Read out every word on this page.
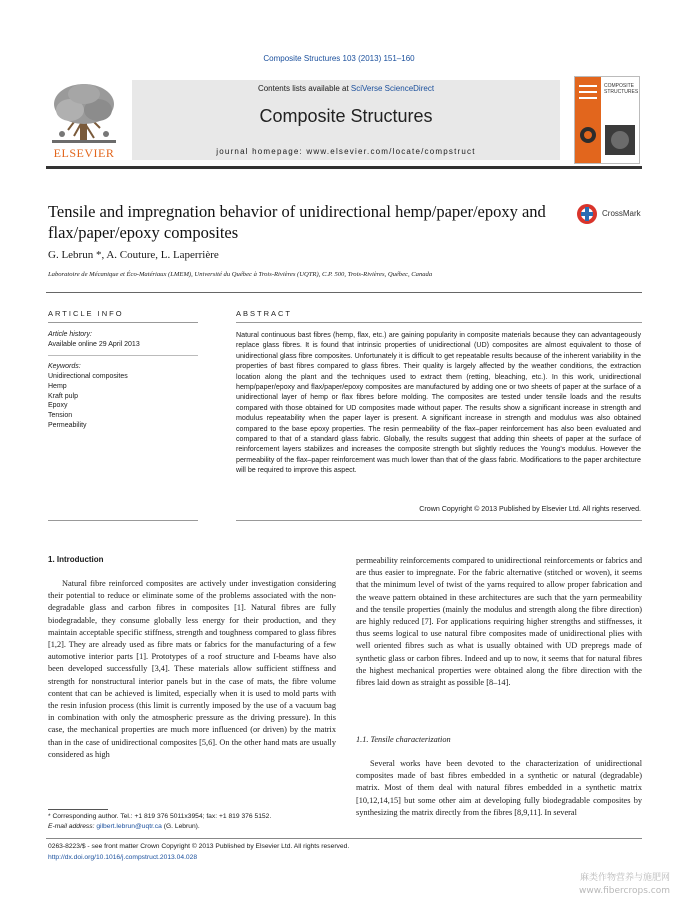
Composite Structures 103 (2013) 151–160
Contents lists available at SciVerse ScienceDirect
Composite Structures
journal homepage: www.elsevier.com/locate/compstruct
ELSEVIER
COMPOSITE STRUCTURES
Tensile and impregnation behavior of unidirectional hemp/paper/epoxy and flax/paper/epoxy composites
CrossMark
G. Lebrun *, A. Couture, L. Laperrière
Laboratoire de Mécanique et Éco-Matériaux (LMEM), Université du Québec à Trois-Rivières (UQTR), C.P. 500, Trois-Rivières, Québec, Canada
ARTICLE INFO
Article history:
Available online 29 April 2013
Keywords:
Unidirectional composites
Hemp
Kraft pulp
Epoxy
Tension
Permeability
ABSTRACT
Natural continuous bast fibres (hemp, flax, etc.) are gaining popularity in composite materials because they can advantageously replace glass fibres. It is found that intrinsic properties of unidirectional (UD) composites are almost equivalent to those of unidirectional glass fibre composites. Unfortunately it is difficult to get repeatable results because of the inherent variability in the properties of bast fibres compared to glass fibres. Their quality is largely affected by the weather conditions, the extraction location along the plant and the techniques used to extract them (retting, bleaching, etc.). In this work, unidirectional hemp/paper/epoxy and flax/paper/epoxy composites are manufactured by adding one or two sheets of paper at the surface of a unidirectional layer of hemp or flax fibres before molding. The composites are tested under tensile loads and the results compared with those obtained for UD composites made without paper. The results show a significant increase in strength and modulus repeatability when the paper layer is present. A significant increase in strength and modulus was also obtained compared to the base epoxy properties. The resin permeability of the flax–paper reinforcement has also been evaluated and compared to that of a standard glass fabric. Globally, the results suggest that adding thin sheets of paper at the surface of reinforcement layers stabilizes and increases the composite strength but slightly reduces the Young's modulus. However the permeability of the flax–paper reinforcement was much lower than that of the glass fabric. Modifications to the paper architecture will be required to improve this aspect.
Crown Copyright © 2013 Published by Elsevier Ltd. All rights reserved.
1. Introduction
Natural fibre reinforced composites are actively under investigation considering their potential to reduce or eliminate some of the problems associated with the non-degradable glass and carbon fibres in composites [1]. Natural fibres are fully biodegradable, they consume globally less energy for their production, and they maintain acceptable specific stiffness, strength and toughness compared to glass fibres [1,2]. They are already used as fibre mats or fabrics for the manufacturing of a few automotive interior parts [1]. Prototypes of a roof structure and I-beams have also been developed successfully [3,4]. These materials allow sufficient stiffness and strength for nonstructural interior panels but in the case of mats, the fibre volume content that can be achieved is limited, especially when it is used to mold parts with the resin infusion process (this limit is currently imposed by the use of a vacuum bag in combination with only the atmospheric pressure as the driving pressure). In this case, the mechanical properties are much more influenced (or driven) by the matrix than in the case of unidirectional composites [5,6]. On the other hand mats are usually considered as high
permeability reinforcements compared to unidirectional reinforcements or fabrics and are thus easier to impregnate. For the fabric alternative (stitched or woven), it seems that the minimum level of twist of the yarns required to allow proper fabrication and the weave pattern obtained in these architectures are such that the yarn permeability and the tensile properties (mainly the modulus and strength along the fibre direction) are highly reduced [7]. For applications requiring higher strengths and stiffnesses, it thus seems logical to use natural fibre composites made of unidirectional plies with well oriented fibres such as what is usually obtained with UD prepregs made of synthetic glass or carbon fibres. Indeed and up to now, it seems that for natural fibres the highest mechanical properties were obtained along the fibre direction with the fibres laid down as straight as possible [8–14].
1.1. Tensile characterization
Several works have been devoted to the characterization of unidirectional composites made of bast fibres embedded in a synthetic or natural (degradable) matrix. Most of them deal with natural fibres embedded in a synthetic matrix [10,12,14,15] but some other aim at developing fully biodegradable composites by synthesizing the matrix directly from the fibres [8,9,11]. In several
* Corresponding author. Tel.: +1 819 376 5011x3954; fax: +1 819 376 5152.
E-mail address: gilbert.lebrun@uqtr.ca (G. Lebrun).
0263-8223/$ - see front matter Crown Copyright © 2013 Published by Elsevier Ltd. All rights reserved.
http://dx.doi.org/10.1016/j.compstruct.2013.04.028
麻类作物营养与施肥网
www.fibercrops.com
